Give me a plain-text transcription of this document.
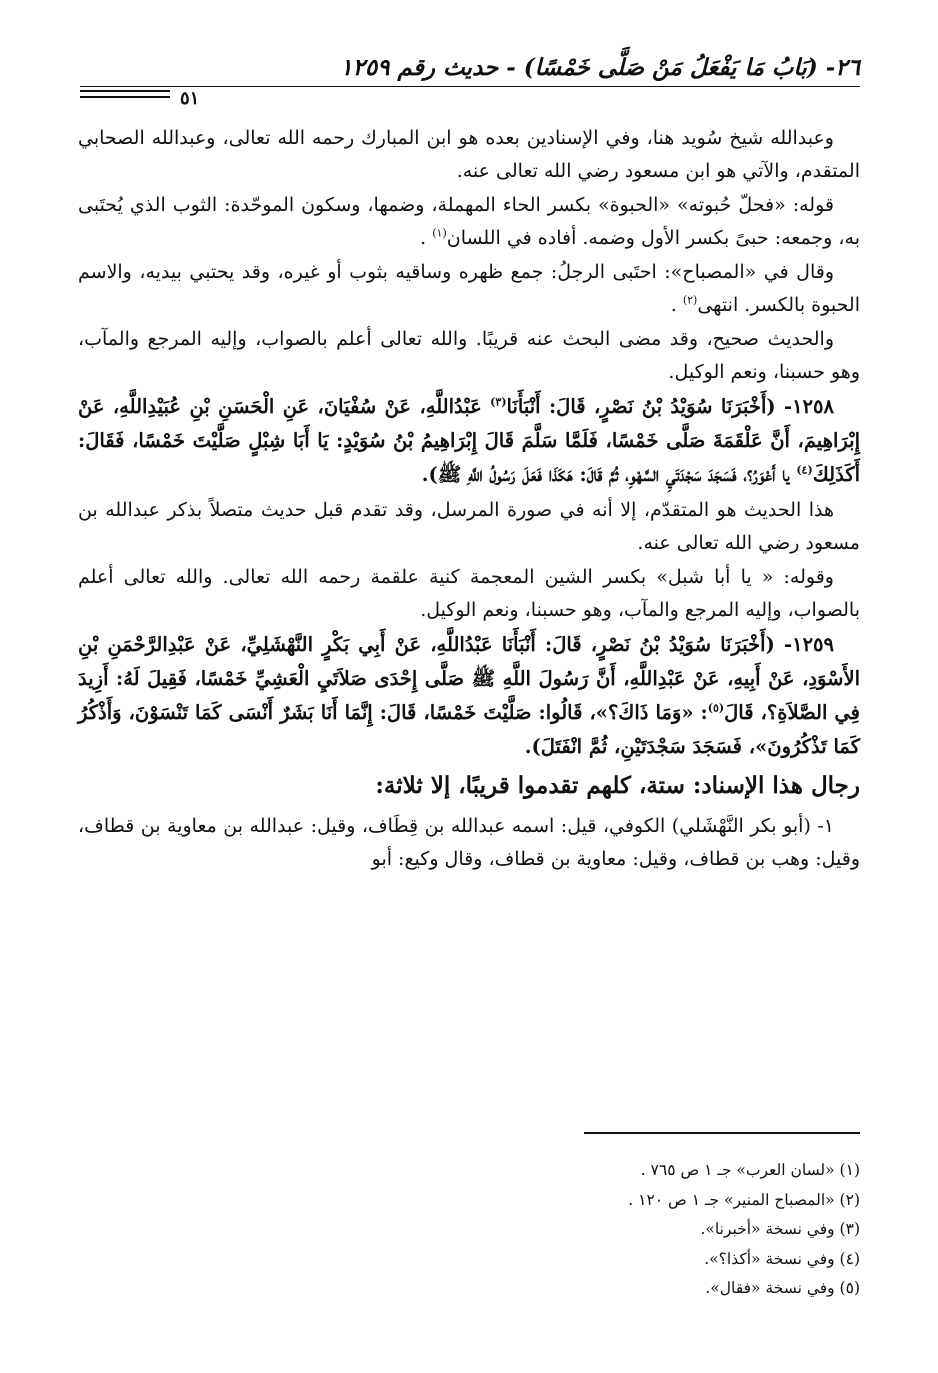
٢٦- (بَابُ مَا يَفْعَلُ مَنْ صَلَّى خَمْسًا) - حديث رقم ١٢٥٩
٥١

وعبدالله شيخ سُويد هنا، وفي الإسنادين بعده هو ابن المبارك رحمه الله تعالى، وعبدالله الصحابي المتقدم، والآتي هو ابن مسعود رضي الله تعالى عنه.

قوله: «فحلّ حُبوته» «الحبوة» بكسر الحاء المهملة، وضمها، وسكون الموحّدة: الثوب الذي يُحتَبى به، وجمعه: حبىً بكسر الأول وضمه. أفاده في اللسان$^{(١)}$ .

وقال في «المصباح»: احتَبى الرجلُ: جمع ظهره وساقيه بثوب أو غيره، وقد يحتبي بيديه، والاسم الحبوة بالكسر. انتهى$^{(٢)}$ .

والحديث صحيح، وقد مضى البحث عنه قريبًا. والله تعالى أعلم بالصواب، وإليه المرجع والمآب، وهو حسبنا، ونعم الوكيل.

١٢٥٨- (أَخْبَرَنَا سُوَيْدُ بْنُ نَصْرٍ، قَالَ: أَنْبَأَنَا$^{(٣)}$ عَبْدُاللَّهِ، عَنْ سُفْيَانَ، عَنِ الْحَسَنِ بْنِ عُبَيْدِاللَّهِ، عَنْ إِبْرَاهِيمَ، أَنَّ عَلْقَمَةَ صَلَّى خَمْسًا، فَلَمَّا سَلَّمَ قَالَ إِبْرَاهِيمُ بْنُ سُوَيْدٍ: يَا أَبَا شِبْلٍ صَلَّيْتَ خَمْسًا، فَقَالَ: أَكَذَلِكَ$^{(٤)}$ يا أَعْوَرُ؟، فَسَجَدَ سَجْدَتَيِ السَّهْوِ، ثُمَّ قَالَ: هَكَذَا فَعَلَ رَسُولُ اللَّهِ ﷺ).

هذا الحديث هو المتقدّم، إلا أنه في صورة المرسل، وقد تقدم قبل حديث متصلاً بذكر عبدالله بن مسعود رضي الله تعالى عنه.

وقوله: « يا أبا شبل» بكسر الشين المعجمة كنية علقمة رحمه الله تعالى. والله تعالى أعلم بالصواب، وإليه المرجع والمآب، وهو حسبنا، ونعم الوكيل.

١٢٥٩- (أَخْبَرَنَا سُوَيْدُ بْنُ نَصْرٍ، قَالَ: أَنْبَأَنَا عَبْدُاللَّهِ، عَنْ أَبِي بَكْرٍ النَّهْشَلِيِّ، عَنْ عَبْدِالرَّحْمَنِ بْنِ الأَسْوَدِ، عَنْ أَبِيهِ، عَنْ عَبْدِاللَّهِ، أَنَّ رَسُولَ اللَّهِ ﷺ صَلَّى إِحْدَى صَلاَتَيِ الْعَشِيِّ خَمْسًا، فَقِيلَ لَهُ: أَزِيدَ فِي الصَّلاَةِ؟، قَالَ$^{(٥)}$: «وَمَا ذَاكَ؟»، قَالُوا: صَلَّيْتَ خَمْسًا، قَالَ: إِنَّمَا أَنَا بَشَرٌ أَنْسَى كَمَا تَنْسَوْنَ، وَأَذْكُرُ كَمَا تَذْكُرُونَ»، فَسَجَدَ سَجْدَتَيْنِ، ثُمَّ انْفَتَلَ).

رجال هذا الإسناد: ستة، كلهم تقدموا قريبًا، إلا ثلاثة:

١- (أبو بكر النَّهْشَلي) الكوفي، قيل: اسمه عبدالله بن قِطَاف، وقيل: عبدالله بن معاوية بن قطاف، وقيل: وهب بن قطاف، وقيل: معاوية بن قطاف، وقال وكيع: أبو

(١) «لسان العرب» جـ ١ ص ٧٦٥ .
(٢) «المصباح المنير» جـ ١ ص ١٢٠ .
(٣) وفي نسخة «أخبرنا».
(٤) وفي نسخة «أكذا؟».
(٥) وفي نسخة «فقال».
